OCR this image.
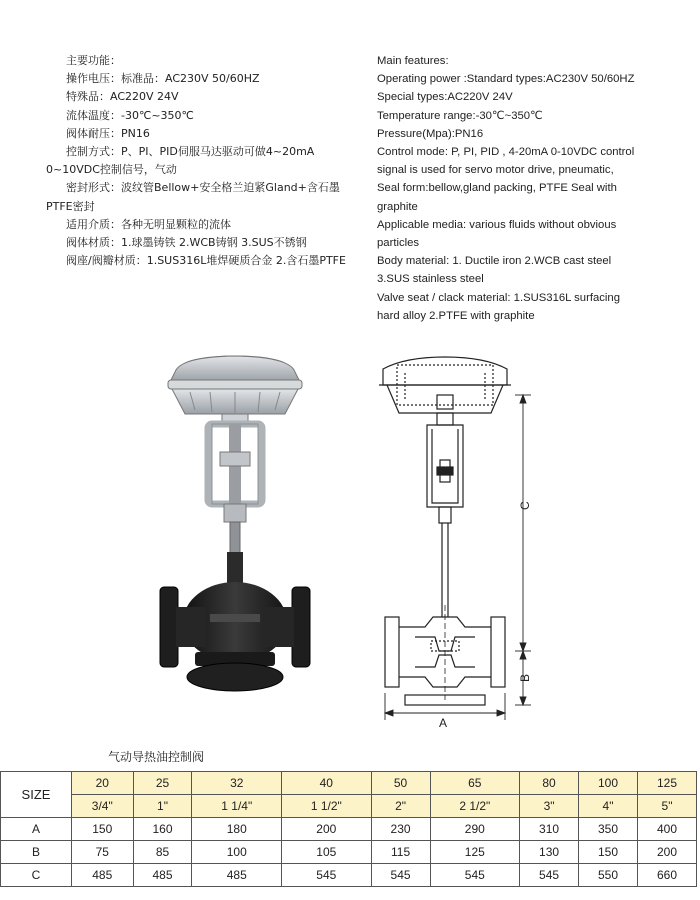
主要功能：
操作电压：标准品：AC230V 50/60HZ
特殊品：AC220V 24V
流体温度：-30℃~350℃
阀体耐压：PN16
控制方式：P、PI、PID伺服马达驱动可做4~20mA
0~10VDC控制信号，气动
密封形式：波纹管Bellow+安全格兰迫紧Gland+含石墨
PTFE密封
适用介质：各种无明显颗粒的流体
阀体材质：1.球墨铸铁 2.WCB铸钢 3.SUS不锈钢
阀座/阀瓣材质：1.SUS316L堆焊硬质合金 2.含石墨PTFE
Main features:
Operating power :Standard types:AC230V 50/60HZ
Special types:AC220V 24V
Temperature range:-30℃~350℃
Pressure(Mpa):PN16
Control mode: P, PI, PID , 4-20mA 0-10VDC control
signal is used for servo motor drive, pneumatic,
Seal form:bellow,gland packing, PTFE Seal with
graphite
Applicable media: various fluids without obvious
particles
Body material: 1. Ductile iron 2.WCB cast steel
3.SUS stainless steel
Valve seat / clack material: 1.SUS316L surfacing
hard alloy 2.PTFE with graphite
C
B
A
气动导热油控制阀
SIZE	20	25	32	40	50	65	80	100	125
	3/4"	1"	1 1/4"	1 1/2"	2"	2 1/2"	3"	4"	5"
A	150	160	180	200	230	290	310	350	400
B	75	85	100	105	115	125	130	150	200
C	485	485	485	545	545	545	545	550	660
